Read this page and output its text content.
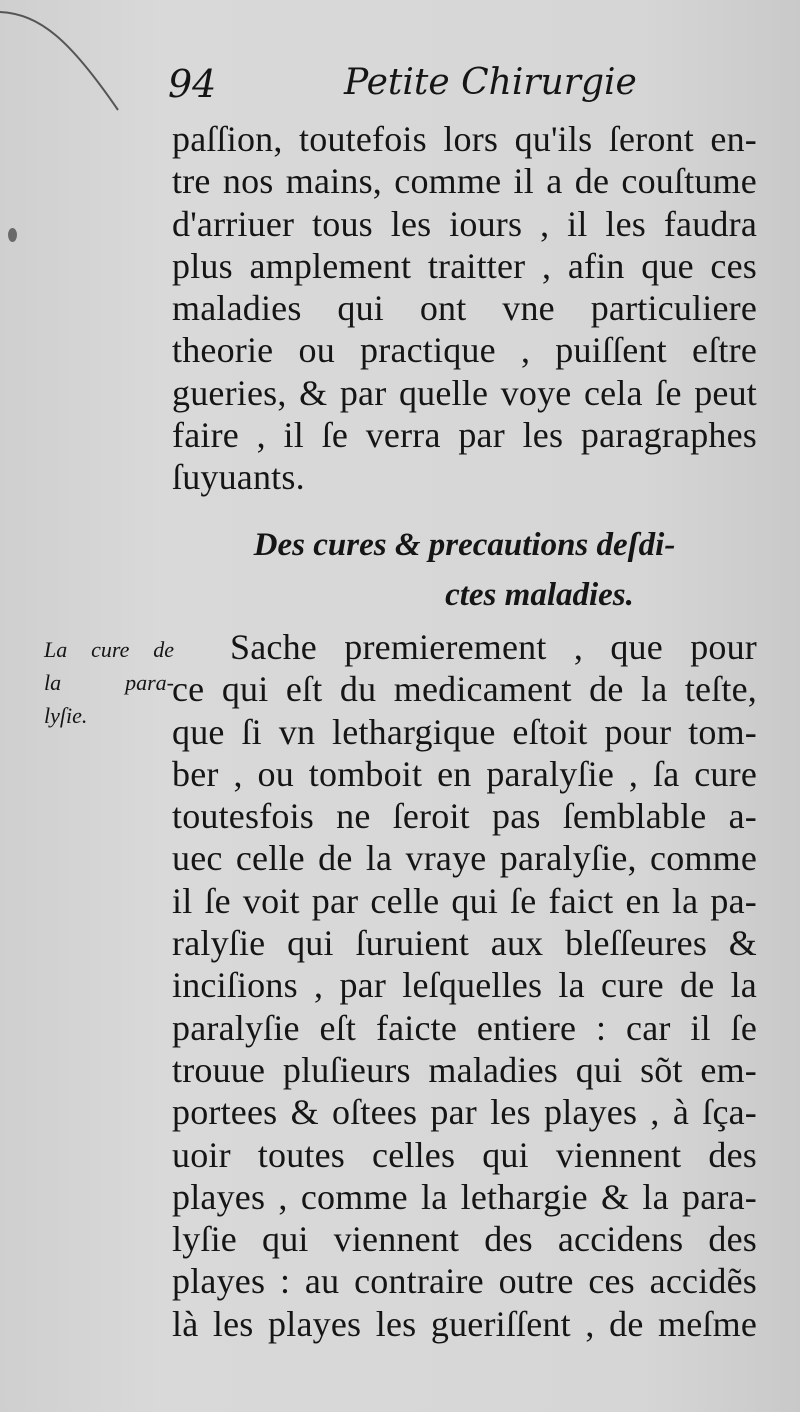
94	Petite Chirurgie
paſſion, toutefois lors qu'ils ſeront en-
tre nos mains, comme il a de couſtume
d'arriuer tous les iours , il les faudra
plus amplement traitter , afin que ces
maladies qui ont vne particuliere
theorie ou practique , puiſſent eſtre
gueries, & par quelle voye cela ſe peut
faire , il ſe verra par les paragraphes
ſuyuants.
Des cures & precautions deſdi-
ctes maladies.
La cure de
la para-
lyſie.
Sache premierement , que pour
ce qui eſt du medicament de la teſte,
que ſi vn lethargique eſtoit pour tom-
ber , ou tomboit en paralyſie , ſa cure
toutesfois ne ſeroit pas ſemblable a-
uec celle de la vraye paralyſie, comme
il ſe voit par celle qui ſe faict en la pa-
ralyſie qui ſuruient aux bleſſeures &
inciſions , par leſquelles la cure de la
paralyſie eſt faicte entiere : car il ſe
trouue pluſieurs maladies qui sõt em-
portees & oſtees par les playes , à ſça-
uoir toutes celles qui viennent des
playes , comme la lethargie & la para-
lyſie qui viennent des accidens des
playes : au contraire outre ces accidẽs
là les playes les gueriſſent , de meſme
